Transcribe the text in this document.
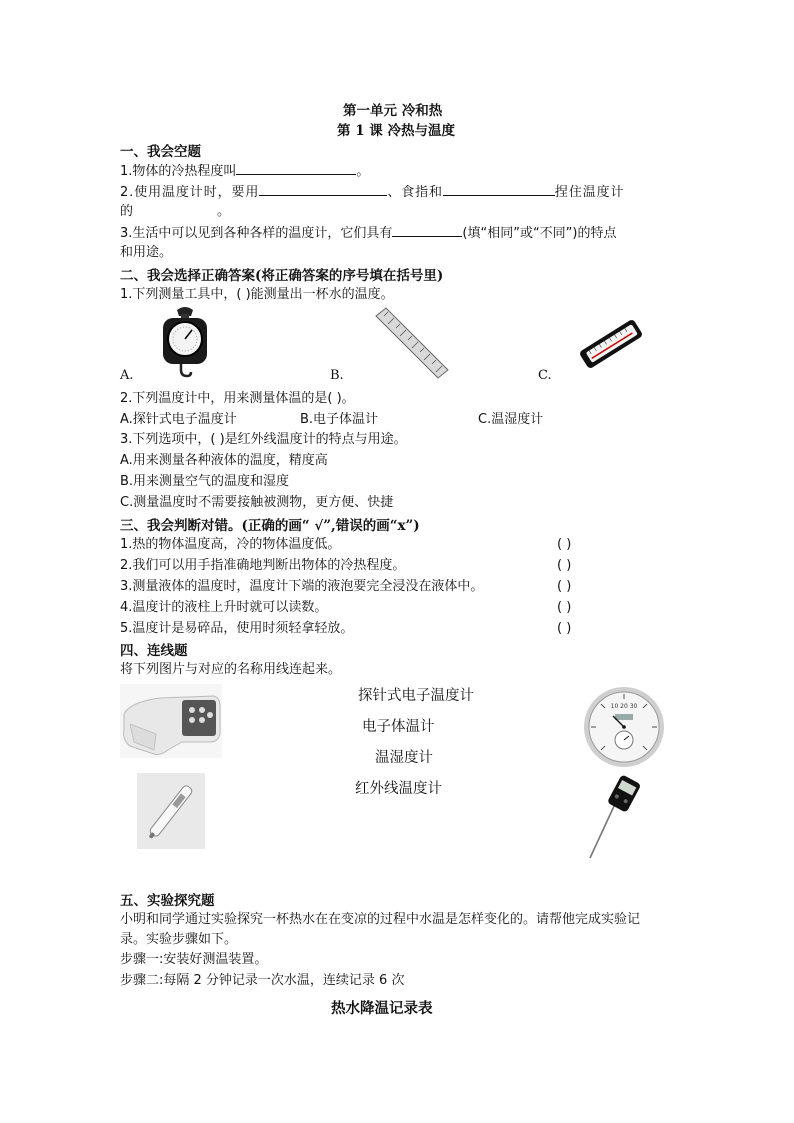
第一单元 冷和热
第 1 课 冷热与温度
一、我会空题
1.物体的冷热程度叫	。
2.使用温度计时，要用	、食指和	捏住温度计
的	。
3.生活中可以见到各种各样的温度计，它们具有	(填“相同”或“不同”)的特点
和用途。
二、我会选择正确答案(将正确答案的序号填在括号里)
1.下列测量工具中，( )能测量出一杯水的温度。
A.	B.	C.
2.下列温度计中，用来测量体温的是( )。
A.探针式电子温度计	B.电子体温计	C.温湿度计
3.下列选项中，( )是红外线温度计的特点与用途。
A.用来测量各种液体的温度，精度高
B.用来测量空气的温度和湿度
C.测量温度时不需要接触被测物，更方便、快捷
三、我会判断对错。(正确的画“ √”,错误的画“x”)
1.热的物体温度高，冷的物体温度低。	( )
2.我们可以用手指准确地判断出物体的冷热程度。	( )
3.测量液体的温度时，温度计下端的液泡要完全浸没在液体中。	( )
4.温度计的液柱上升时就可以读数。	( )
5.温度计是易碎品，使用时须轻拿轻放。	( )
四、连线题
将下列图片与对应的名称用线连起来。
探针式电子温度计
电子体温计
温湿度计
红外线温度计
10 20 30
五、实验探究题
小明和同学通过实验探究一杯热水在在变凉的过程中水温是怎样变化的。请帮他完成实验记
录。实验步骤如下。
步骤一:安装好测温装置。
步骤二:每隔 2 分钟记录一次水温，连续记录 6 次
热水降温记录表
